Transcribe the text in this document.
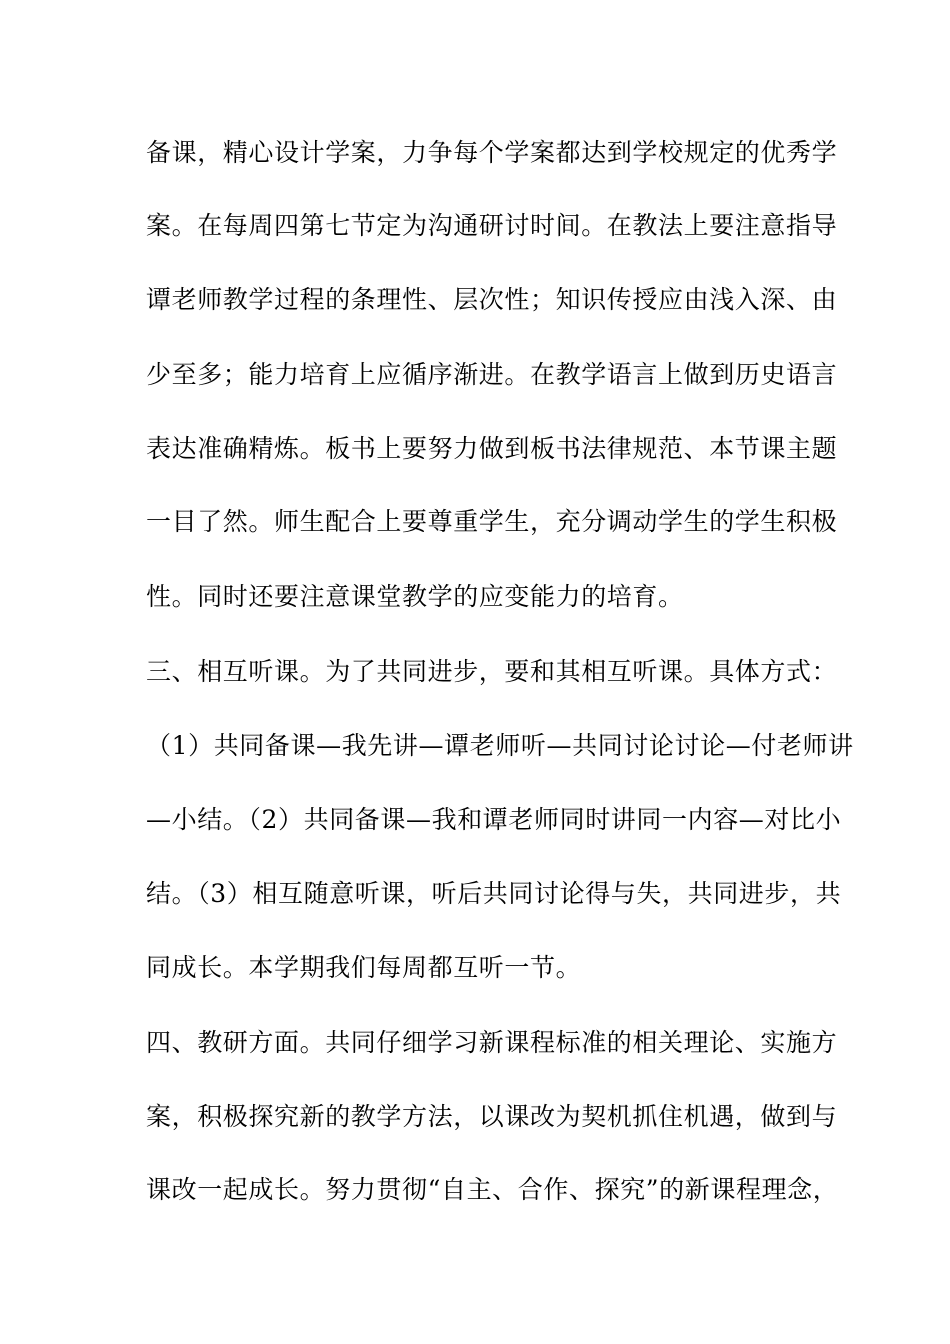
备课，精心设计学案，力争每个学案都达到学校规定的优秀学
案。在每周四第七节定为沟通研讨时间。在教法上要注意指导
谭老师教学过程的条理性、层次性；知识传授应由浅入深、由
少至多；能力培育上应循序渐进。在教学语言上做到历史语言
表达准确精炼。板书上要努力做到板书法律规范、本节课主题
一目了然。师生配合上要尊重学生，充分调动学生的学生积极
性。同时还要注意课堂教学的应变能力的培育。
三、相互听课。为了共同进步，要和其相互听课。具体方式：
（1）共同备课—我先讲—谭老师听—共同讨论讨论—付老师讲
—小结。（2）共同备课—我和谭老师同时讲同一内容—对比小
结。（3）相互随意听课，听后共同讨论得与失，共同进步，共
同成长。本学期我们每周都互听一节。
四、教研方面。共同仔细学习新课程标准的相关理论、实施方
案，积极探究新的教学方法，以课改为契机抓住机遇，做到与
课改一起成长。努力贯彻“自主、合作、探究”的新课程理念，
